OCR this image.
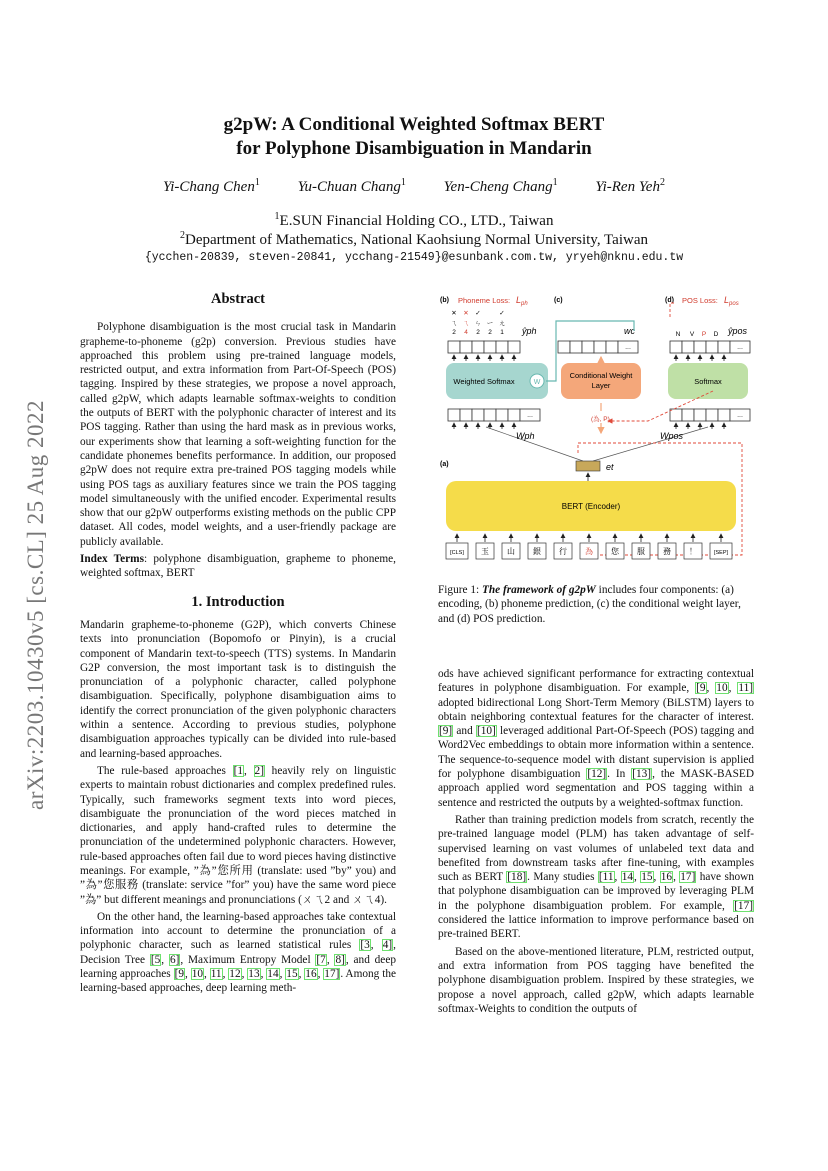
arXiv:2203.10430v5 [cs.CL] 25 Aug 2022
g2pW: A Conditional Weighted Softmax BERT
for Polyphone Disambiguation in Mandarin
Yi-Chang Chen$^1$	Yu-Chuan Chang$^1$	Yen-Cheng Chang$^1$	Yi-Ren Yeh$^2$
$^1$E.SUN Financial Holding CO., LTD., Taiwan
$^2$Department of Mathematics, National Kaohsiung Normal University, Taiwan
{ycchen-20839, steven-20841, ycchang-21549}@esunbank.com.tw, yryeh@nknu.edu.tw
Abstract

Polyphone disambiguation is the most crucial task in Mandarin grapheme-to-phoneme (g2p) conversion. Previous studies have approached this problem using pre-trained language models, restricted output, and extra information from Part-Of-Speech (POS) tagging. Inspired by these strategies, we propose a novel approach, called g2pW, which adapts learnable softmax-weights to condition the outputs of BERT with the polyphonic character of interest and its POS tagging. Rather than using the hard mask as in previous works, our experiments show that learning a soft-weighting function for the candidate phonemes benefits performance. In addition, our proposed g2pW does not require extra pre-trained POS tagging models while using POS tags as auxiliary features since we train the POS tagging model simultaneously with the unified encoder. Experimental results show that our g2pW outperforms existing methods on the public CPP dataset. All codes, model weights, and a user-friendly package are publicly available.

Index Terms: polyphone disambiguation, grapheme to phoneme, weighted softmax, BERT

1. Introduction

Mandarin grapheme-to-phoneme (G2P), which converts Chinese texts into pronunciation (Bopomofo or Pinyin), is a crucial component of Mandarin text-to-speech (TTS) systems. In Mandarin G2P conversion, the most important task is to distinguish the pronunciation of a polyphonic character, called polyphone disambiguation. Specifically, polyphone disambiguation aims to identify the correct pronunciation of the given polyphonic characters within a sentence. According to previous studies, polyphone disambiguation approaches typically can be divided into rule-based and learning-based approaches.

The rule-based approaches [1, 2] heavily rely on linguistic experts to maintain robust dictionaries and complex predefined rules. Typically, such frameworks segment texts into word pieces, disambiguate the pronunciation of the word pieces matched in dictionaries, and apply hand-crafted rules to determine the pronunciation of the undetermined polyphonic characters. However, rule-based approaches often fail due to word pieces having distinctive meanings. For example, ”為”您所用 (translate: used ”by” you) and ”為”您服務 (translate: service ”for” you) have the same word piece ”為” but different meanings and pronunciations (ㄨㄟ2 and ㄨㄟ4).

On the other hand, the learning-based approaches take contextual information into account to determine the pronunciation of a polyphonic character, such as learned statistical rules [3, 4], Decision Tree [5, 6], Maximum Entropy Model [7, 8], and deep learning approaches [9, 10, 11, 12, 13, 14, 15, 16, 17]. Among the learning-based approaches, deep learning meth-

(b) Phoneme Loss: $L_{ph}$	(c)	(d) POS Loss: $L_{pos}$
✕ ✕ ✓	✓
ㄟ ㄟ ㄣ ー ㄤ
2 4 2 2 1 ŷph	wc	N V P D ŷpos
...	...
...	...
Weighted Softmax	W
Conditional Weight
Layer	Softmax
(為, P)
Wph	Wpos
et
(a)
BERT (Encoder)
[CLS] 玉 山 銀 行 為 您 服 務 ！	[SEP]
Figure 1: The framework of g2pW includes four components: (a) encoding, (b) phoneme prediction, (c) the conditional weight layer, and (d) POS prediction.

ods have achieved significant performance for extracting contextual features in polyphone disambiguation. For example, [9, 10, 11] adopted bidirectional Long Short-Term Memory (BiLSTM) layers to obtain neighboring contextual features for the character of interest. [9] and [10] leveraged additional Part-Of-Speech (POS) tagging and Word2Vec embeddings to obtain more information within a sentence. The sequence-to-sequence model with distant supervision is applied for polyphone disambiguation [12]. In [13], the MASK-BASED approach applied word segmentation and POS tagging within a sentence and restricted the outputs by a weighted-softmax function.

Rather than training prediction models from scratch, recently the pre-trained language model (PLM) has taken advantage of self-supervised learning on vast volumes of unlabeled text data and benefited from downstream tasks after fine-tuning, with examples such as BERT [18]. Many studies [11, 14, 15, 16, 17] have shown that polyphone disambiguation can be improved by leveraging PLM in the polyphone disambiguation problem. For example, [17] considered the lattice information to improve performance based on pre-trained BERT.

Based on the above-mentioned literature, PLM, restricted output, and extra information from POS tagging have benefited the polyphone disambiguation problem. Inspired by these strategies, we propose a novel approach, called g2pW, which adapts learnable softmax-Weights to condition the outputs of
